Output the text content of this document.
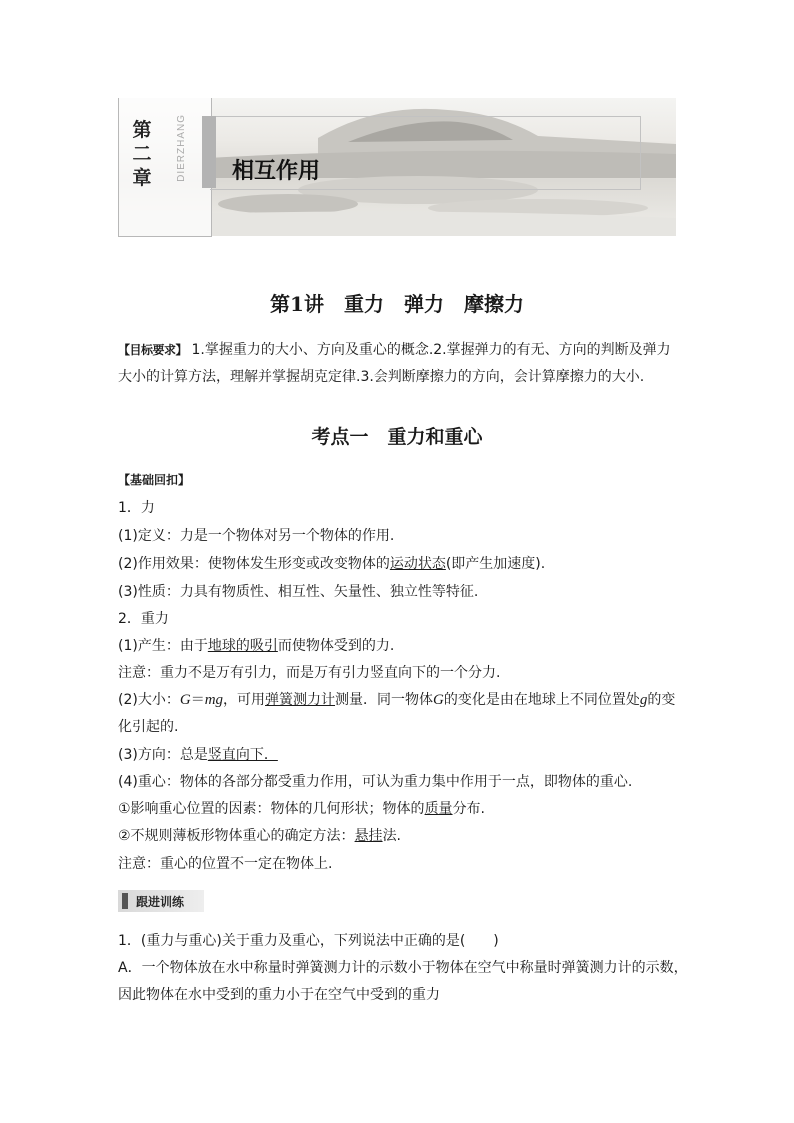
第二章 DIERZHANG 相互作用
第1讲　重力　弹力　摩擦力
【目标要求】 1.掌握重力的大小、方向及重心的概念.2.掌握弹力的有无、方向的判断及弹力大小的计算方法，理解并掌握胡克定律.3.会判断摩擦力的方向，会计算摩擦力的大小.
考点一　重力和重心
【基础回扣】
1．力
(1)定义：力是一个物体对另一个物体的作用.
(2)作用效果：使物体发生形变或改变物体的运动状态(即产生加速度).
(3)性质：力具有物质性、相互性、矢量性、独立性等特征.
2．重力
(1)产生：由于地球的吸引而使物体受到的力.
注意：重力不是万有引力，而是万有引力竖直向下的一个分力.
(2)大小：G＝mg，可用弹簧测力计测量．同一物体G的变化是由在地球上不同位置处g的变
化引起的.
(3)方向：总是竖直向下．
(4)重心：物体的各部分都受重力作用，可认为重力集中作用于一点，即物体的重心.
①影响重心位置的因素：物体的几何形状；物体的质量分布.
②不规则薄板形物体重心的确定方法：悬挂法.
注意：重心的位置不一定在物体上.
跟进训练
1．(重力与重心)关于重力及重心，下列说法中正确的是(　　)
A．一个物体放在水中称量时弹簧测力计的示数小于物体在空气中称量时弹簧测力计的示数，
因此物体在水中受到的重力小于在空气中受到的重力
